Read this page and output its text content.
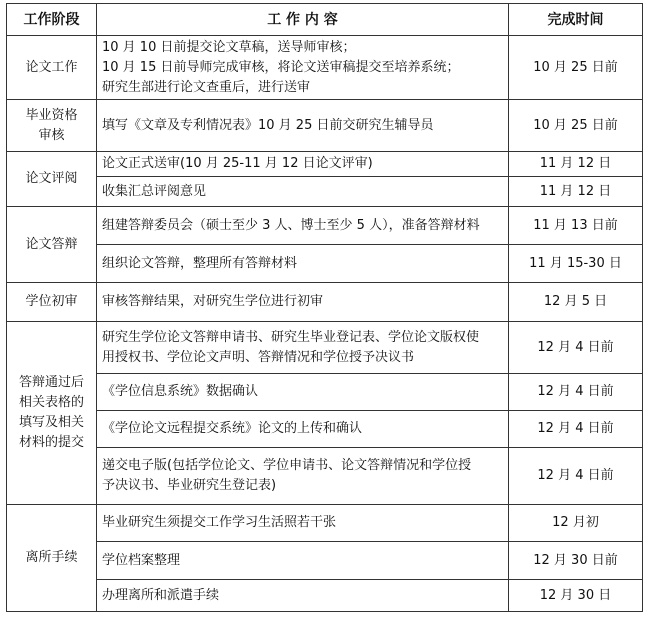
工作阶段	工 作 内 容	完成时间
论文工作	10 月 10 日前提交论文草稿，送导师审核；
10 月 15 日前导师完成审核，将论文送审稿提交至培养系统；
研究生部进行论文查重后，进行送审	10 月 25 日前
毕业资格
审核	填写《文章及专利情况表》10 月 25 日前交研究生辅导员	10 月 25 日前
论文评阅	论文正式送审(10 月 25-11 月 12 日论文评审)	11 月 12 日
	收集汇总评阅意见	11 月 12 日
论文答辩	组建答辩委员会（硕士至少 3 人、博士至少 5 人），准备答辩材料	11 月 13 日前
	组织论文答辩，整理所有答辩材料	11 月 15-30 日
学位初审	审核答辩结果，对研究生学位进行初审	12 月 5 日
答辩通过后
相关表格的
填写及相关
材料的提交	研究生学位论文答辩申请书、研究生毕业登记表、学位论文版权使
用授权书、学位论文声明、答辩情况和学位授予决议书	12 月 4 日前
	《学位信息系统》数据确认	12 月 4 日前
	《学位论文远程提交系统》论文的上传和确认	12 月 4 日前
	递交电子版(包括学位论文、学位申请书、论文答辩情况和学位授
予决议书、毕业研究生登记表)	12 月 4 日前
离所手续	毕业研究生须提交工作学习生活照若干张	12 月初
	学位档案整理	12 月 30 日前
	办理离所和派遣手续	12 月 30 日
